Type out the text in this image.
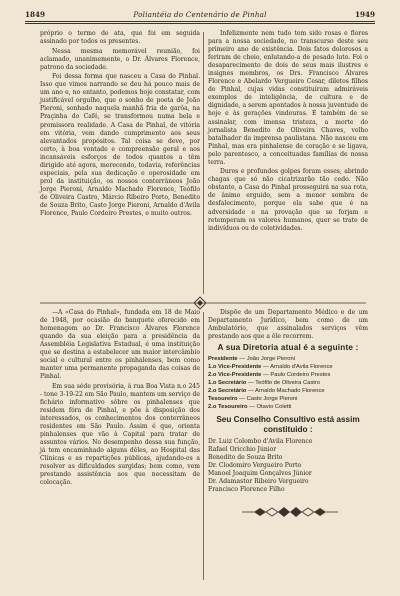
1849	Poliantéia do Centenário de Pinhal	1949

próprio o termo de ata, que foi em seguida assinado por todos os presentes.

Nessa mesma memorável reunião, foi aclamado, unanimemente, o Dr. Álvares Florence, patrono da sociedade.

Foi dessa forma que nasceu a Casa do Pinhal. Isso que vimos narrando se deu há pouco mais de um ano e, no entanto, podemos hoje constatar, com justificável orgulho, que o sonho de poeta de João Pieroni, sonhado naquela manhã fria de garôa, na Praçinha do Café, se transformou numa bela e promissora realidade. A Casa de Pinhal, de vitória em vitória, vem dando cumprimento aos seus alevantados propósitos. Tal coisa se deve, por certo, à boa vontade e compreensão geral e aos incansáveis esforços de todos quantos a têm dirigido até agora, merecendo, todavia, referências especiais, pela sua dedicação e operosidade em prol da instituição, os nossos conterrâneos João Jorge Pieroni, Arnaldo Machado Florence, Teófilo de Oliveira Castro, Márcio Ribeiro Porto, Benedito de Souza Brito, Casto Jorge Pieroni, Arnaldo d'Avila Florence, Paulo Cordeiro Prestes, e muito outros.

Infelizmente nem tudo tem sido rosas e flores para a nossa sociedade, no transcurso deste seu primeiro ano de existência. Dois fatos dolorosos a feriram de cheio, enlutando-a de pesado luto. Foi o desaparecimento de dois de seus mais ilustres e insignes membros, os Drs. Francisco Álvares Florence e Abelardo Vergueiro Cesar, diletos filhos de Pinhal, cujas vidas constituíram admiráveis exemplos de inteligência, de cultura e de dignidade, a serem apontados à nossa juventude de hoje e às gerações vindouras. É também de se assinalar, com imensa tristeza, a morte do jornalista Benedito de Oliveira Chaves, velho batalhador da imprensa paulistana. Não nasceu em Pinhal, mas era pinhalense de coração e se ligava, pelo parentesco, a conceituadas famílias de nossa terra.

Duros e profundos golpes foram esses, abrindo chagas que só não cicatrizarão tão cedo. Não obstante, a Casa do Pinhal prosseguirá na sua rota, de ânimo erguido, sem a menor sombra de desfalecimento, porque ela sabe que é na adversidade e na provação que se forjam e retemperam os valores humanos, quer se trate de indivíduos ou de coletividades.

—A «Casa do Pinhal», fundada em 18 de Maio de 1948, por ocasião do banquete oferecido em homenagem ao Dr. Francisco Álvares Florence quando da sua eleição para a presidência da Assembléia Legislativa Estadual, é uma instituição que se destina a estabelecer um maior intercâmbio social e cultural entre os pinhalenses, bem como manter uma permanente propaganda das coisas de Pinhal.

Em sua séde provisória, à rua Boa Vista n.o 245 - tone 3-19-22 em São Paulo, mantem um serviço de fichário informativo sôbre os pinhalenses que residem fóra de Pinhal, e põe à disposição dos interessados, os conhecimentos dos conterrâneos residentes em São Paulo. Assim é que, orienta pinhalenses que vão à Capital para tratar de assuntos vários. No desempenho dessa sua função, já tem encaminhado alguns dêles, ao Hospital das Clínicas e as repartições públicas, ajudando-os a resolver as dificuldades surgidas; bem como, vem prestando assistência aos que necessitam de colocação.

Dispõe de um Departamento Médico e de um Departamento Jurídico, bem como de um Ambulatório, que assinalados serviços vêm prestando aos que a êle recorrem.

A sua Diretoria atual é a seguinte :
Presidente — João Jorge Pieroni
1.o Vice-Presidente — Arnaldo d'Avila Florence
2.o Vice-Presidente — Paulo Cordeiro Prestes
1.o Secretário — Teófilo de Oliveira Castro
2.o Secretário — Arnaldo Machado Florence
Tesoureiro — Casto Jorge Pieroni
2.o Tesoureiro — Otavio Coletti
Seu Conselho Consultivo está assim
constituido :
Dr. Luiz Colombo d'Avila Florence
Rafael Oricchio Júnior
Benedito de Souza Brito
Dr. Clodomiro Vergueiro Porto
Manoel Joaquim Gonçalves Júnior
Dr. Adamastor Ribeiro Vergueiro
Francisco Florence Filho
